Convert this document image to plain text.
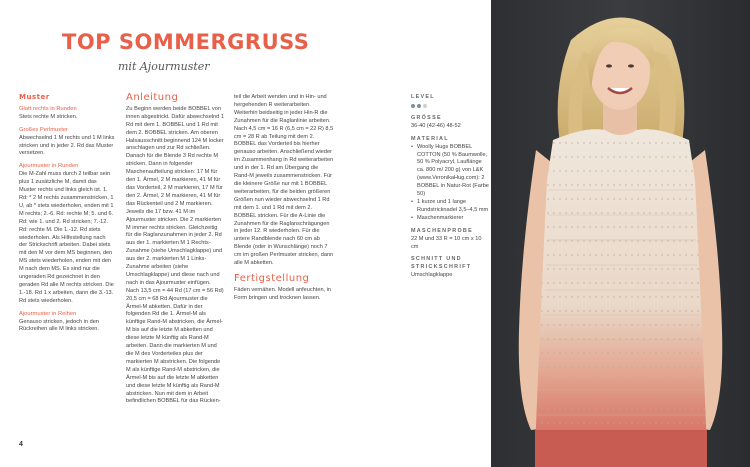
TOP SOMMERGRUSS
mit Ajourmuster
Muster
Glatt rechts in Runden

Stets rechte M stricken.

Großes Perlmuster

Abwechselnd 1 M rechts und 1 M links stricken und in jeder 2. Rd das Muster versetzen.

Ajourmuster in Runden

Die M-Zahl muss durch 2 teilbar sein plus 1 zusätzliche M, damit das Muster rechts und links gleich ist. 1. Rd: * 2 M rechts zusammenstricken, 1 U, ab * stets wiederholen, enden mit 1 M rechts; 2.-6. Rd: rechte M; 5. und 6. Rd: wie 1. und 2. Rd stricken; 7.-12. Rd: rechte M. Die 1.-12. Rd stets wiederholen. Als Hilfestellung nach der Strickschrift arbeiten. Dabei stets mit den M vor dem MS beginnen, den MS stets wiederholen, enden mit den M nach dem MS. Es sind nur die ungeraden Rd gezeichnet in den geraden Rd alle M rechts stricken. Die 1.-18. Rd 1 x arbeiten, dann die 3.-13. Rd stets wiederholen.

Ajourmuster in Reihen

Genauso stricken, jedoch in den Rückreihen alle M links stricken.

Anleitung

Zu Beginn werden beide BOBBEL von innen abgestrickt. Dafür abwechselnd 1 Rd mit dem 1. BOBBEL und 1 Rd mit dem 2. BOBBEL stricken. Am oberen Halsausschnitt beginnend 124 M locker anschlagen und zur Rd schließen. Danach für die Blende 3 Rd rechte M stricken. Dann in folgender Maschenaufteilung stricken: 17 M für den 1. Ärmel, 2 M markieren, 41 M für das Vorderteil, 2 M markieren, 17 M für den 2. Ärmel, 2 M markieren, 41 M für das Rückenteil und 2 M markieren. Jeweils die 17 bzw. 41 M im Ajourmuster stricken. Die 2 markierten M immer rechts stricken. Gleichzeitig für die Raglanzunahmen in jeder 2. Rd aus der 1. markierten M 1 Rechts-Zunahme (siehe Umschlagklappe) und aus der 2. markierten M 1 Links-Zunahme arbeiten (siehe Umschlagklappe) und diese nach und nach in das Ajourmuster einfügen. Nach 13,5 cm = 44 Rd (17 cm = 56 Rd) 20,5 cm = 68 Rd Ajourmuster die Ärmel-M abketten. Dafür in der folgenden Rd die 1. Ärmel-M als künftige Rand-M abstricken, die Ärmel-M bis auf die letzte M abketten und diese letzte M künftig als Rand-M arbeiten. Dann die markierten M und die M des Vorderteiles plus der markierten M abstricken. Die folgende M als künftige Rand-M abstricken, die Ärmel-M bis auf die letzte M abketten und diese letzte M künftig als Rand-M abstricken. Nun mit dem in Arbeit befindlichen BOBBEL für das Rücken-

teil die Arbeit wenden und in Hin- und hergehenden R weiterarbeiten. Weiterhin beidseitig in jeder Hin-R die Zunahmen für die Raglanlinie arbeiten. Nach 4,5 cm = 16 R (6,5 cm = 22 R) 8,5 cm = 28 R ab Teilung mit dem 2. BOBBEL das Vorderteil bis hierher genauso arbeiten. Anschließend wieder im Zusammenhang in Rd weiterarbeiten und in der 1. Rd am Übergang die Rand-M jeweils zusammenstricken. Für die kleinere Größe nur mit 1 BOBBEL weiterarbeiten, für die beiden größeren Größen nun wieder abwechselnd 1 Rd mit dem 1. und 1 Rd mit dem 2. BOBBEL stricken. Für die A-Linie die Zunahmen für die Raglanschrägungen in jeder 12. R wiederholen. Für die untere Randblende nach 60 cm ab Blende (oder in Wunschlänge) noch 7 cm im großen Perlmuster stricken, dann alle M abketten.

Fertigstellung

Fäden vernähen. Modell anfeuchten, in Form bringen und trocknen lassen.

LEVEL
GRÖSSE

36-40 (42-46) 48-52

MATERIAL
• Woolly Hugs BOBBEL COTTON (50 % Baumwolle, 50 % Polyacryl, Lauflänge ca. 800 m/ 200 g) von L&K (www.VeronikaHug.com): 2 BOBBEL in Natur-Rot (Farbe 50)
• 1 kurze und 1 lange Rundstricknadel 3,5–4,5 mm
• Maschenmarkierer
MASCHENPROBE

22 M und 33 R = 10 cm x 10 cm

SCHNITT UND STRICKSCHRIFT

Umschlagklappe

4
